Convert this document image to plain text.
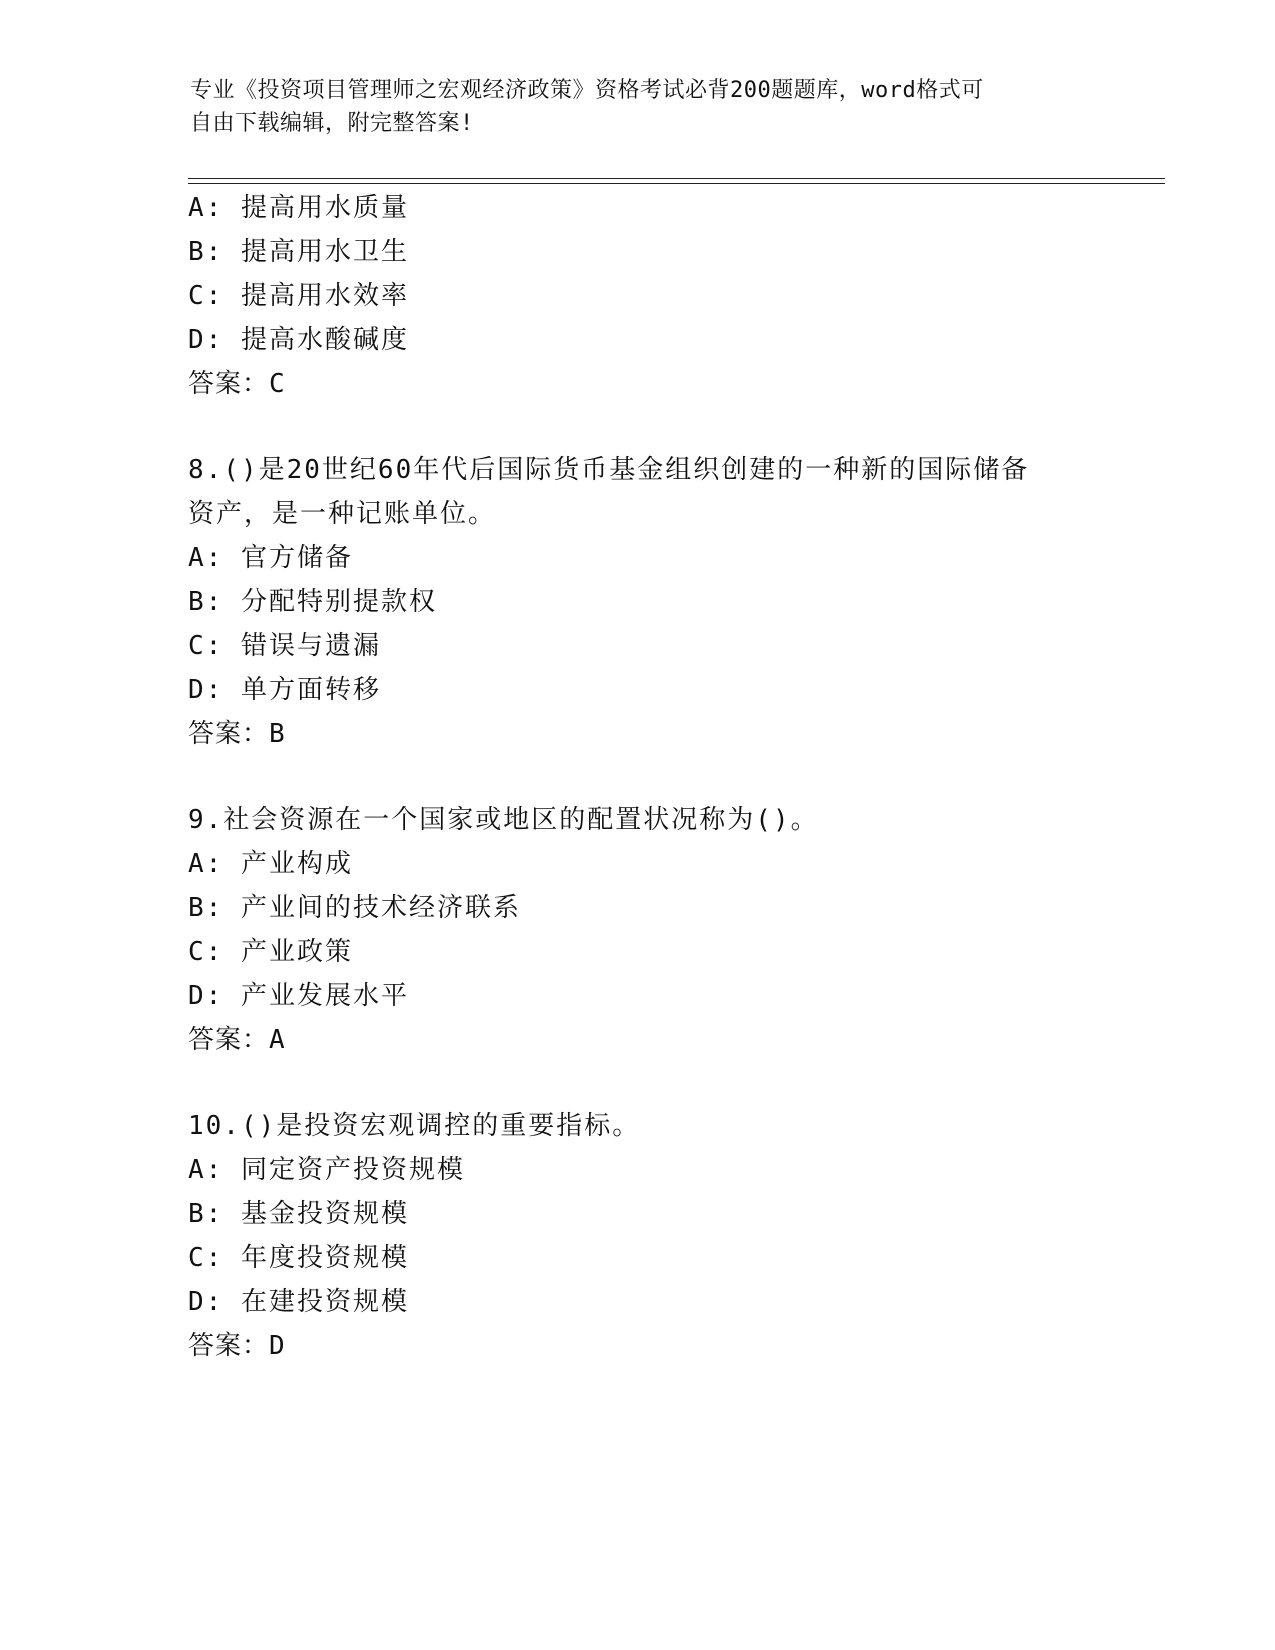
专业《投资项目管理师之宏观经济政策》资格考试必背200题题库，word格式可
自由下载编辑，附完整答案!
A: 提高用水质量
B: 提高用水卫生
C: 提高用水效率
D: 提高水酸碱度
答案：C
8.()是20世纪60年代后国际货币基金组织创建的一种新的国际储备
资产，是一种记账单位。
A: 官方储备
B: 分配特别提款权
C: 错误与遗漏
D: 单方面转移
答案：B
9.社会资源在一个国家或地区的配置状况称为()。
A: 产业构成
B: 产业间的技术经济联系
C: 产业政策
D: 产业发展水平
答案：A
10.()是投资宏观调控的重要指标。
A: 同定资产投资规模
B: 基金投资规模
C: 年度投资规模
D: 在建投资规模
答案：D
